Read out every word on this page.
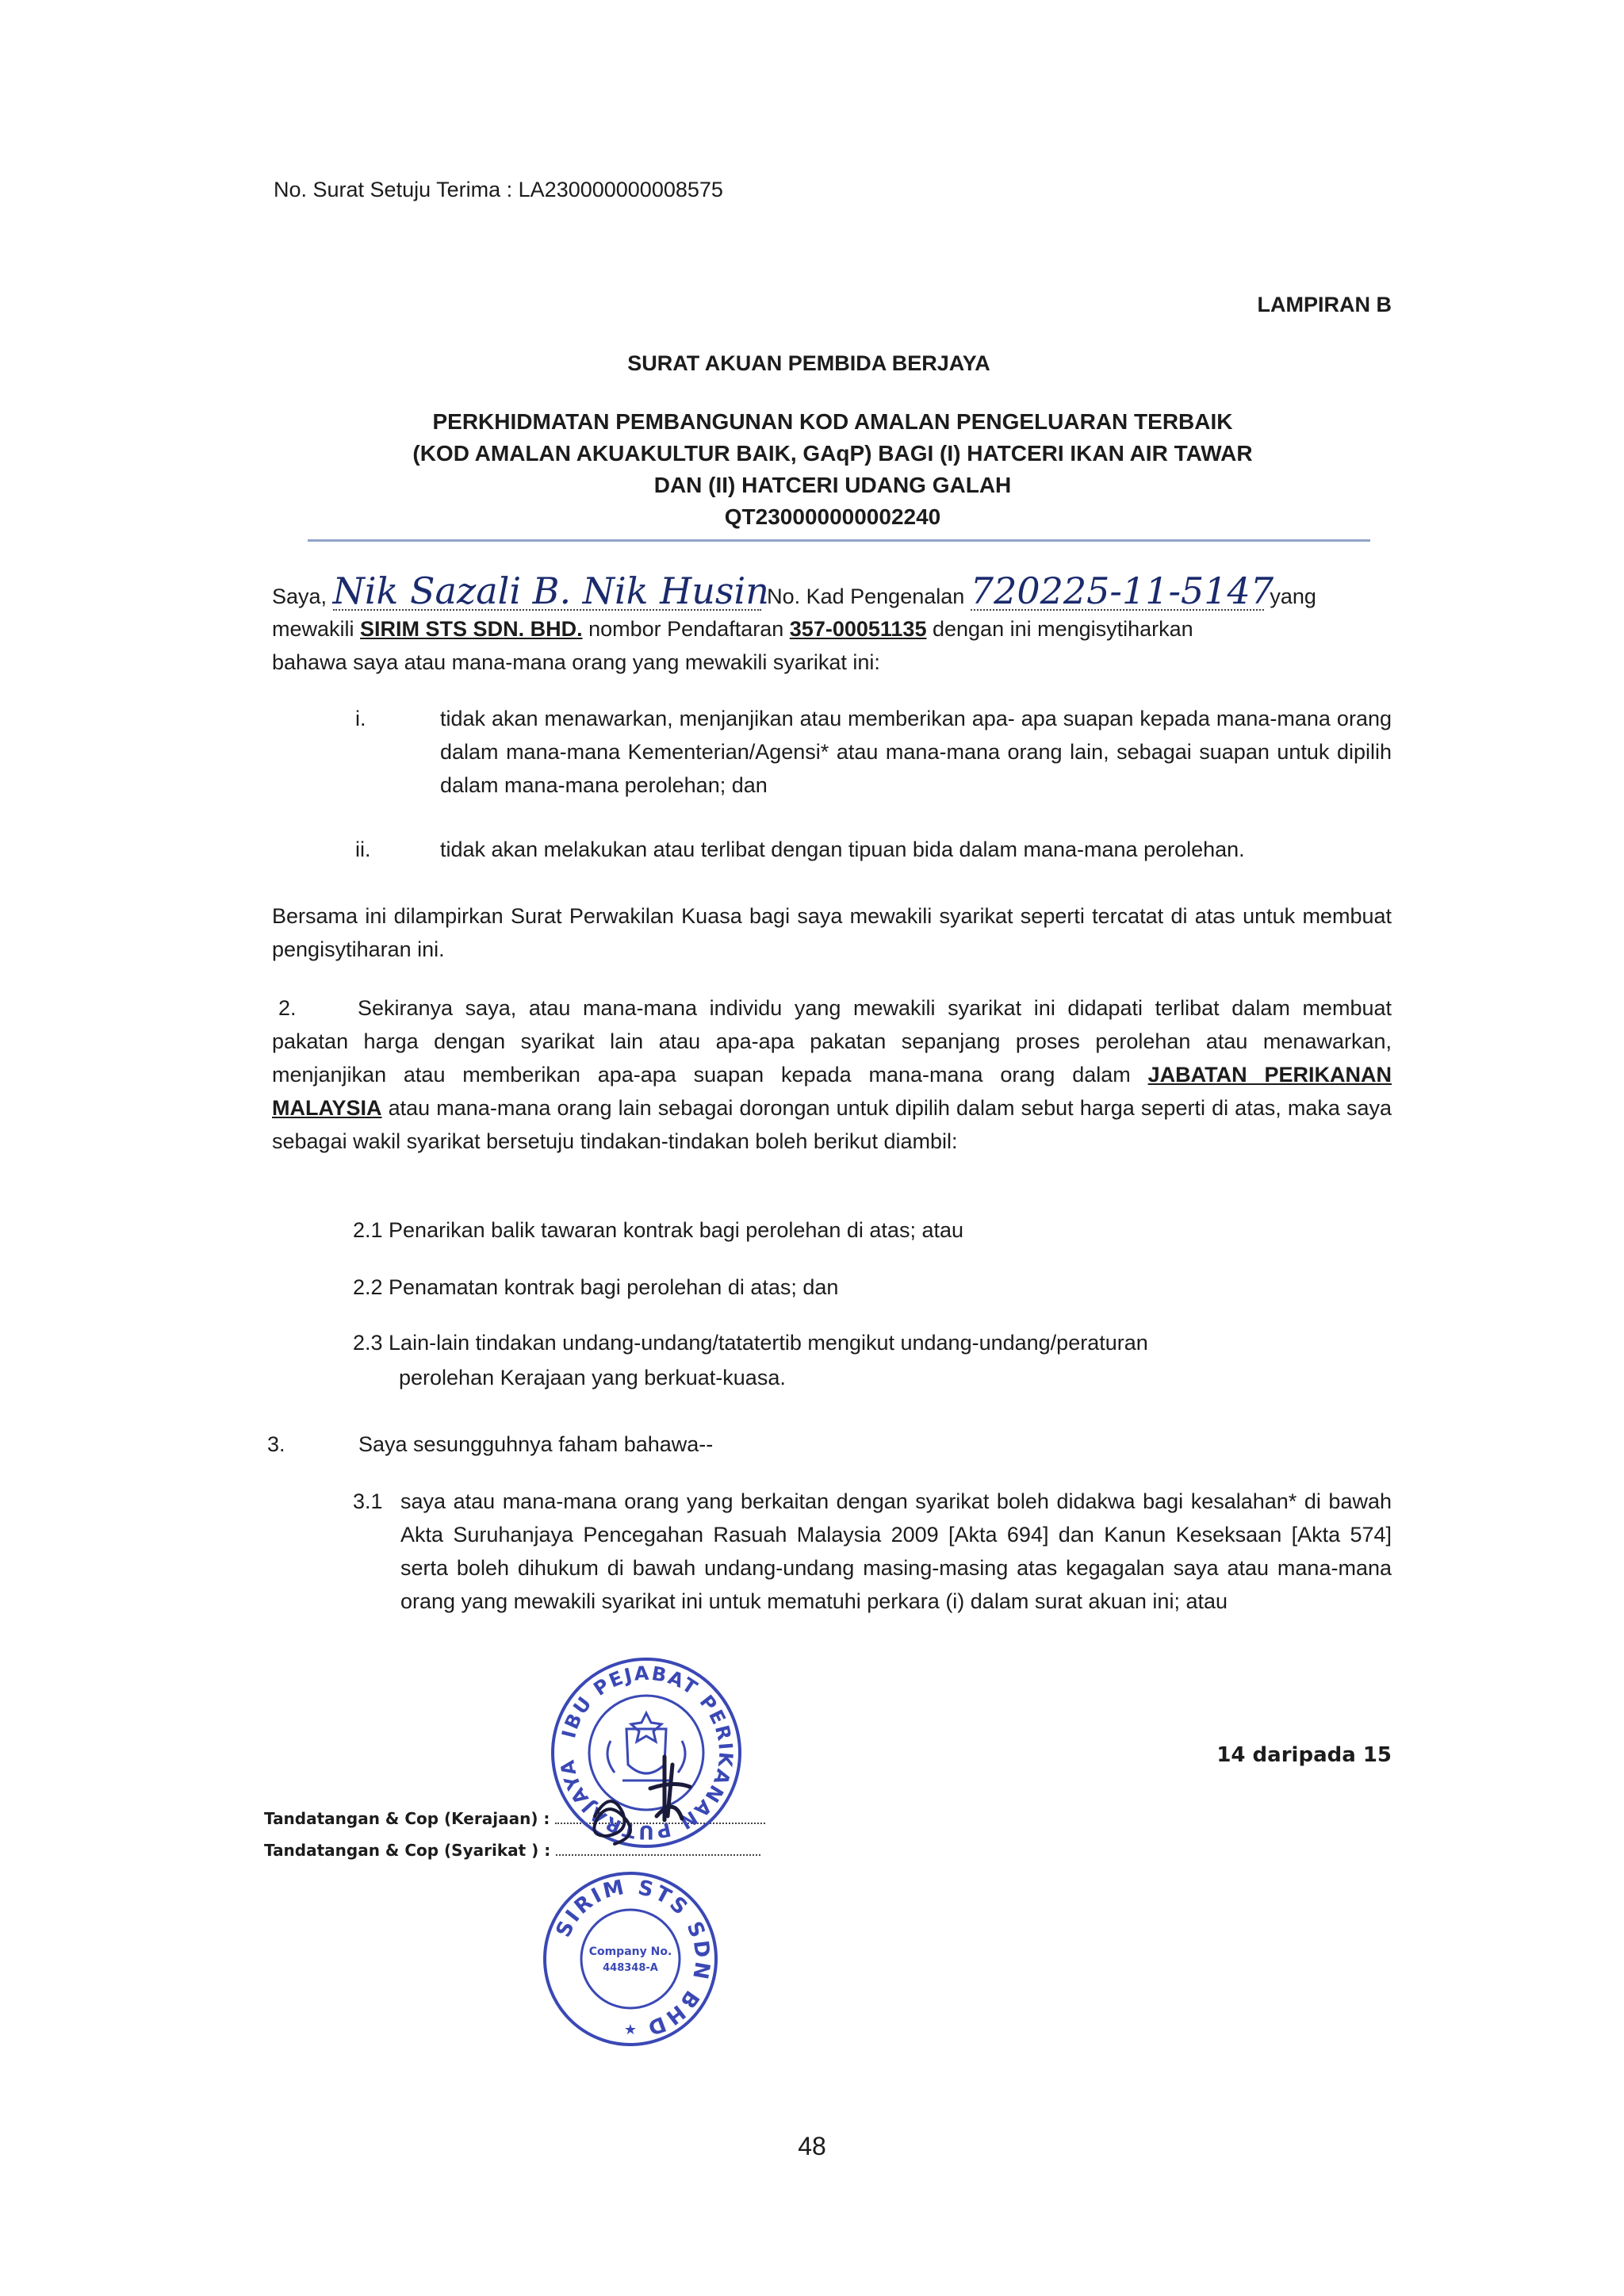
No. Surat Setuju Terima : LA230000000008575
LAMPIRAN B
SURAT AKUAN PEMBIDA BERJAYA
PERKHIDMATAN PEMBANGUNAN KOD AMALAN PENGELUARAN TERBAIK
(KOD AMALAN AKUAKULTUR BAIK, GAqP) BAGI (I) HATCERI IKAN AIR TAWAR
DAN (II) HATCERI UDANG GALAH
QT230000000002240
Saya, Nik Sazali B. Nik Husin No. Kad Pengenalan 720225-11-5147 yang
mewakili SIRIM STS SDN. BHD. nombor Pendaftaran 357-00051135 dengan ini mengisytiharkan
bahawa saya atau mana-mana orang yang mewakili syarikat ini:
i.	tidak akan menawarkan, menjanjikan atau memberikan apa- apa suapan kepada mana-mana orang dalam mana-mana Kementerian/Agensi* atau mana-mana orang lain, sebagai suapan untuk dipilih dalam mana-mana perolehan; dan
ii.	tidak akan melakukan atau terlibat dengan tipuan bida dalam mana-mana perolehan.
Bersama ini dilampirkan Surat Perwakilan Kuasa bagi saya mewakili syarikat seperti tercatat di atas untuk membuat pengisytiharan ini.
2.	Sekiranya saya, atau mana-mana individu yang mewakili syarikat ini didapati terlibat dalam membuat pakatan harga dengan syarikat lain atau apa-apa pakatan sepanjang proses perolehan atau menawarkan, menjanjikan atau memberikan apa-apa suapan kepada mana-mana orang dalam JABATAN PERIKANAN MALAYSIA atau mana-mana orang lain sebagai dorongan untuk dipilih dalam sebut harga seperti di atas, maka saya sebagai wakil syarikat bersetuju tindakan-tindakan boleh berikut diambil:
2.1 Penarikan balik tawaran kontrak bagi perolehan di atas; atau
2.2 Penamatan kontrak bagi perolehan di atas; dan
2.3 Lain-lain tindakan undang-undang/tatatertib mengikut undang-undang/peraturan
perolehan Kerajaan yang berkuat-kuasa.
3.	Saya sesungguhnya faham bahawa--
3.1 saya atau mana-mana orang yang berkaitan dengan syarikat boleh didakwa bagi kesalahan* di bawah Akta Suruhanjaya Pencegahan Rasuah Malaysia 2009 [Akta 694] dan Kanun Keseksaan [Akta 574] serta boleh dihukum di bawah undang-undang masing-masing atas kegagalan saya atau mana-mana orang yang mewakili syarikat ini untuk mematuhi perkara (i) dalam surat akuan ini; atau
14 daripada 15
Tandatangan & Cop (Kerajaan) :
Tandatangan & Cop (Syarikat ) :
IBU PEJABAT PERIKANAN PUTRAJAYA
SIRIM STS SDN BHD
Company No.
448348-A
★
48
